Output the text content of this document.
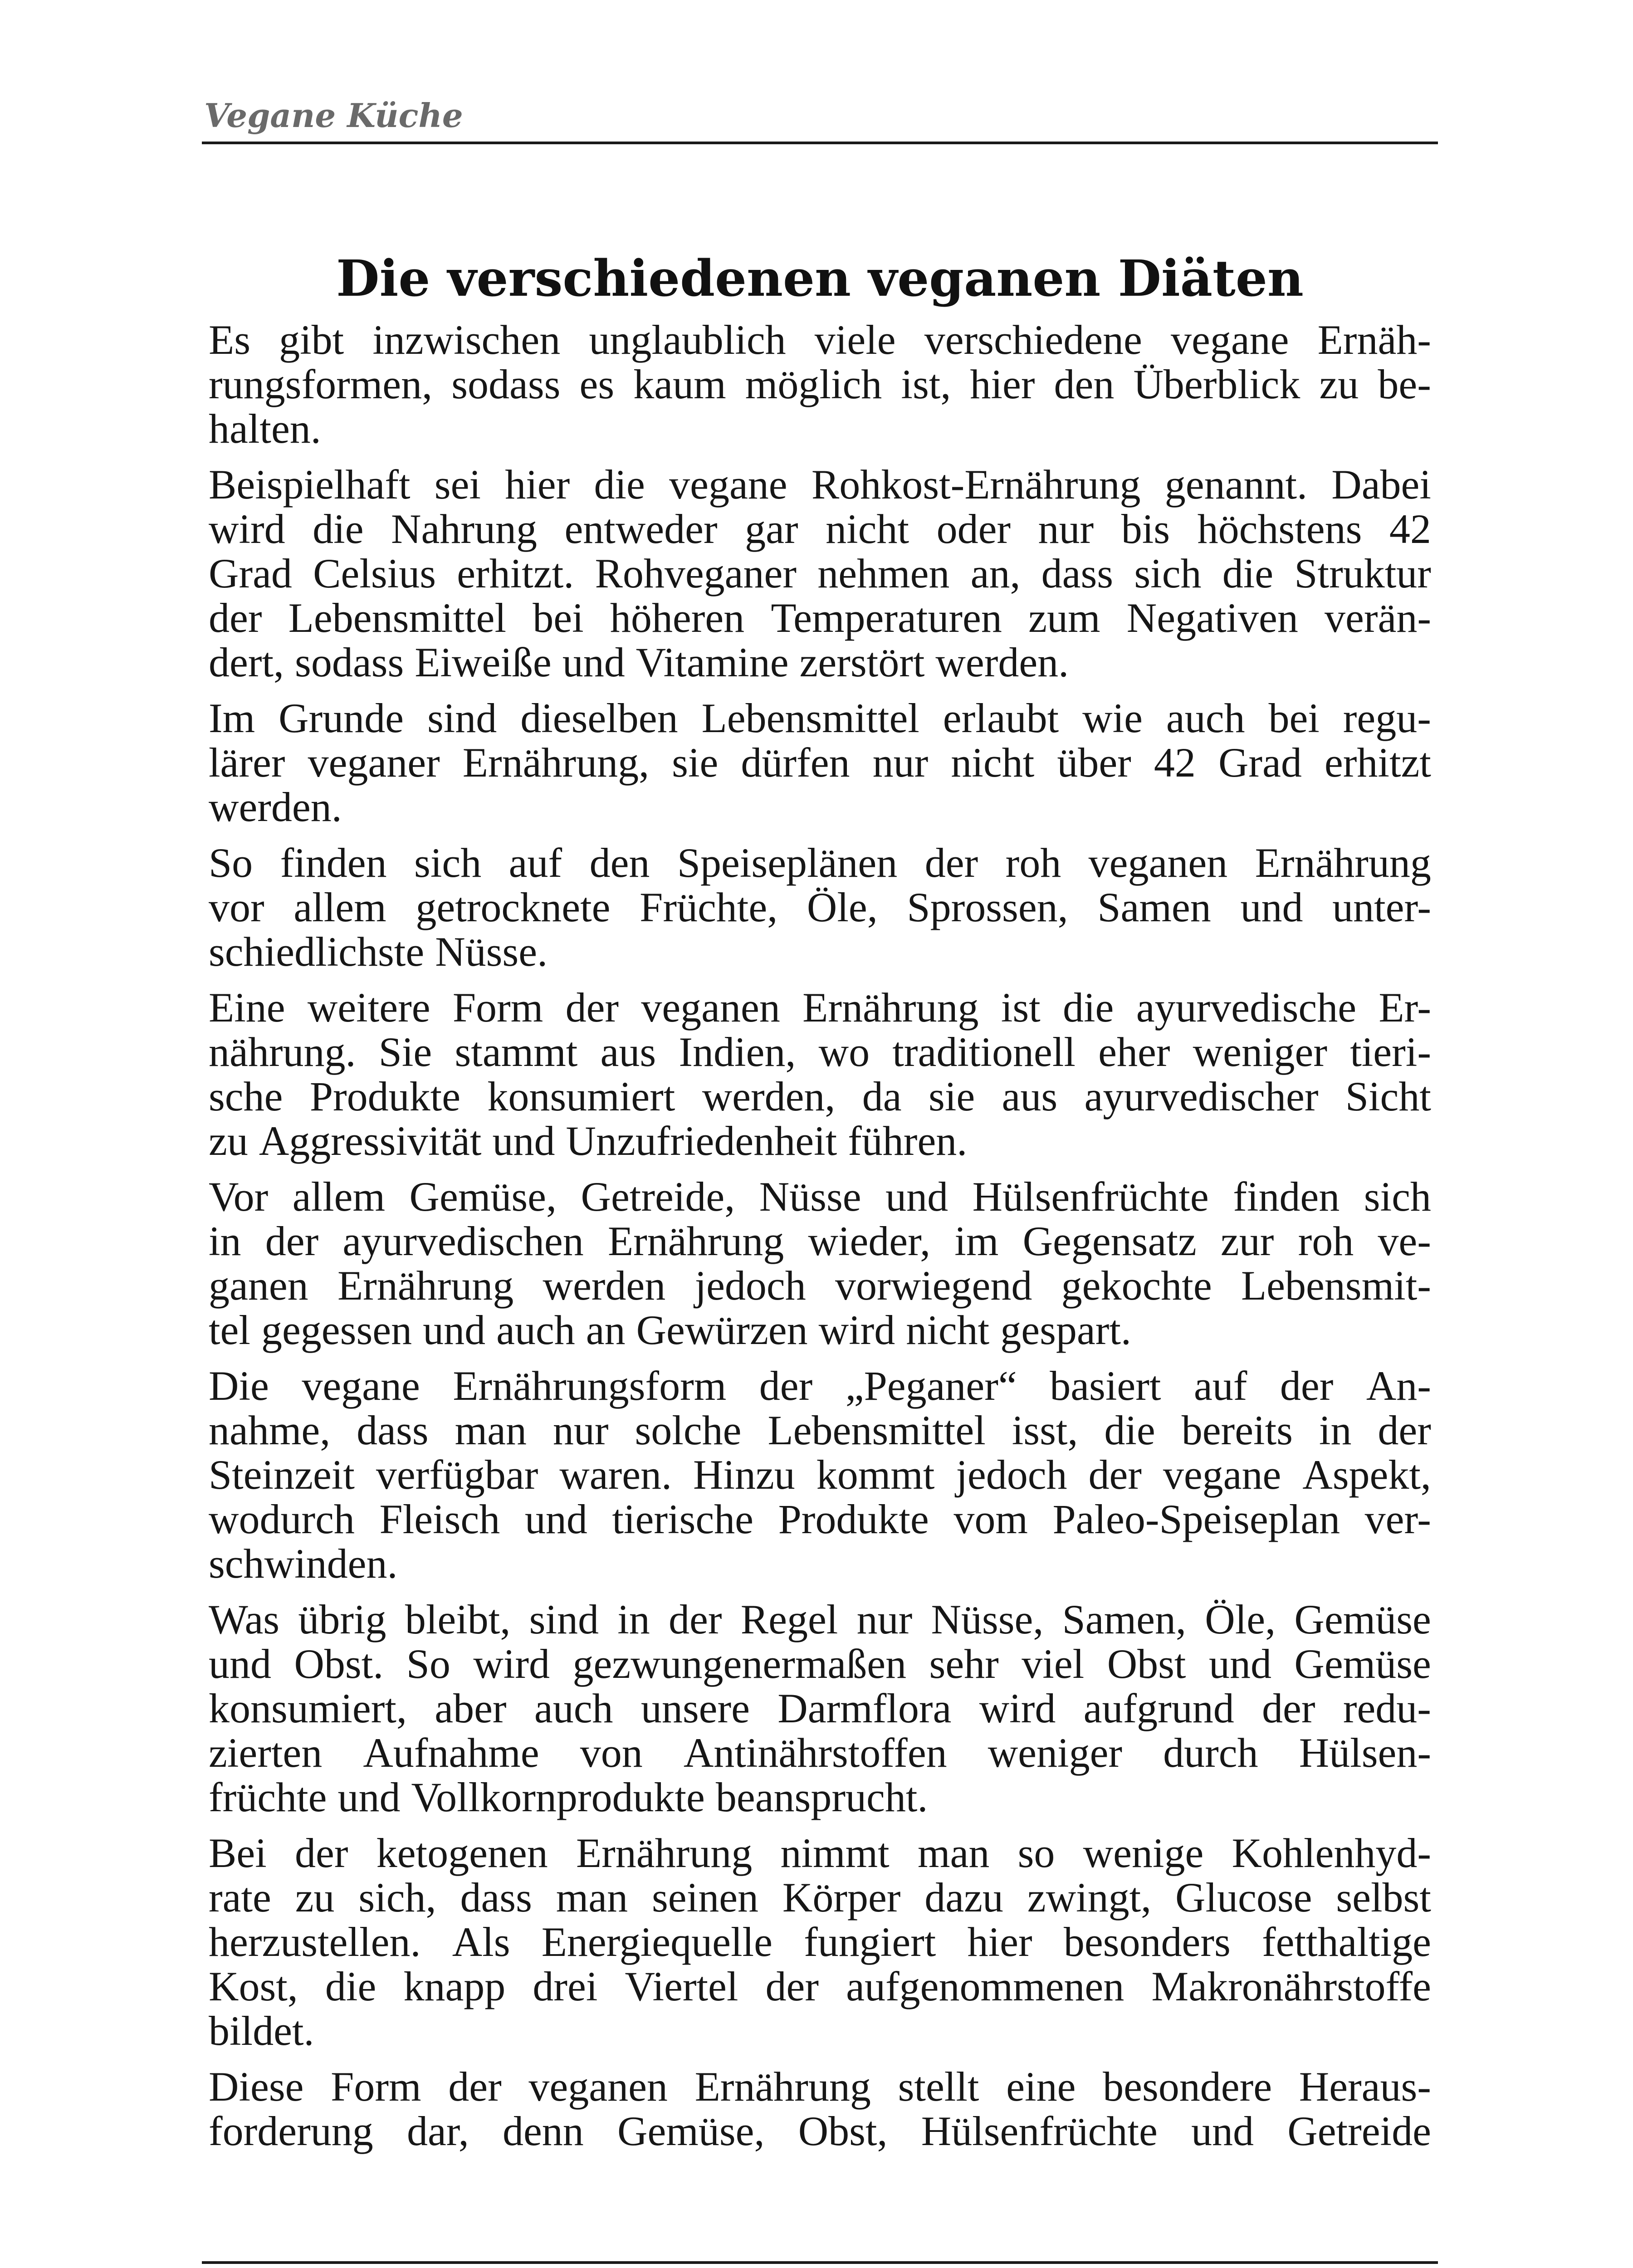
Vegane Küche
Die verschiedenen veganen Diäten
Es gibt inzwischen unglaublich viele verschiedene vegane Ernäh-
rungsformen, sodass es kaum möglich ist, hier den Überblick zu be-
halten.
Beispielhaft sei hier die vegane Rohkost-Ernährung genannt. Dabei
wird die Nahrung entweder gar nicht oder nur bis höchstens 42
Grad Celsius erhitzt. Rohveganer nehmen an, dass sich die Struktur
der Lebensmittel bei höheren Temperaturen zum Negativen verän-
dert, sodass Eiweiße und Vitamine zerstört werden.
Im Grunde sind dieselben Lebensmittel erlaubt wie auch bei regu-
lärer veganer Ernährung, sie dürfen nur nicht über 42 Grad erhitzt
werden.
So finden sich auf den Speiseplänen der roh veganen Ernährung
vor allem getrocknete Früchte, Öle, Sprossen, Samen und unter-
schiedlichste Nüsse.
Eine weitere Form der veganen Ernährung ist die ayurvedische Er-
nährung. Sie stammt aus Indien, wo traditionell eher weniger tieri-
sche Produkte konsumiert werden, da sie aus ayurvedischer Sicht
zu Aggressivität und Unzufriedenheit führen.
Vor allem Gemüse, Getreide, Nüsse und Hülsenfrüchte finden sich
in der ayurvedischen Ernährung wieder, im Gegensatz zur roh ve-
ganen Ernährung werden jedoch vorwiegend gekochte Lebensmit-
tel gegessen und auch an Gewürzen wird nicht gespart.
Die vegane Ernährungsform der „Peganer“ basiert auf der An-
nahme, dass man nur solche Lebensmittel isst, die bereits in der
Steinzeit verfügbar waren. Hinzu kommt jedoch der vegane Aspekt,
wodurch Fleisch und tierische Produkte vom Paleo-Speiseplan ver-
schwinden.
Was übrig bleibt, sind in der Regel nur Nüsse, Samen, Öle, Gemüse
und Obst. So wird gezwungenermaßen sehr viel Obst und Gemüse
konsumiert, aber auch unsere Darmflora wird aufgrund der redu-
zierten Aufnahme von Antinährstoffen weniger durch Hülsen-
früchte und Vollkornprodukte beansprucht.
Bei der ketogenen Ernährung nimmt man so wenige Kohlenhyd-
rate zu sich, dass man seinen Körper dazu zwingt, Glucose selbst
herzustellen. Als Energiequelle fungiert hier besonders fetthaltige
Kost, die knapp drei Viertel der aufgenommenen Makronährstoffe
bildet.
Diese Form der veganen Ernährung stellt eine besondere Heraus-
forderung dar, denn Gemüse, Obst, Hülsenfrüchte und Getreide
